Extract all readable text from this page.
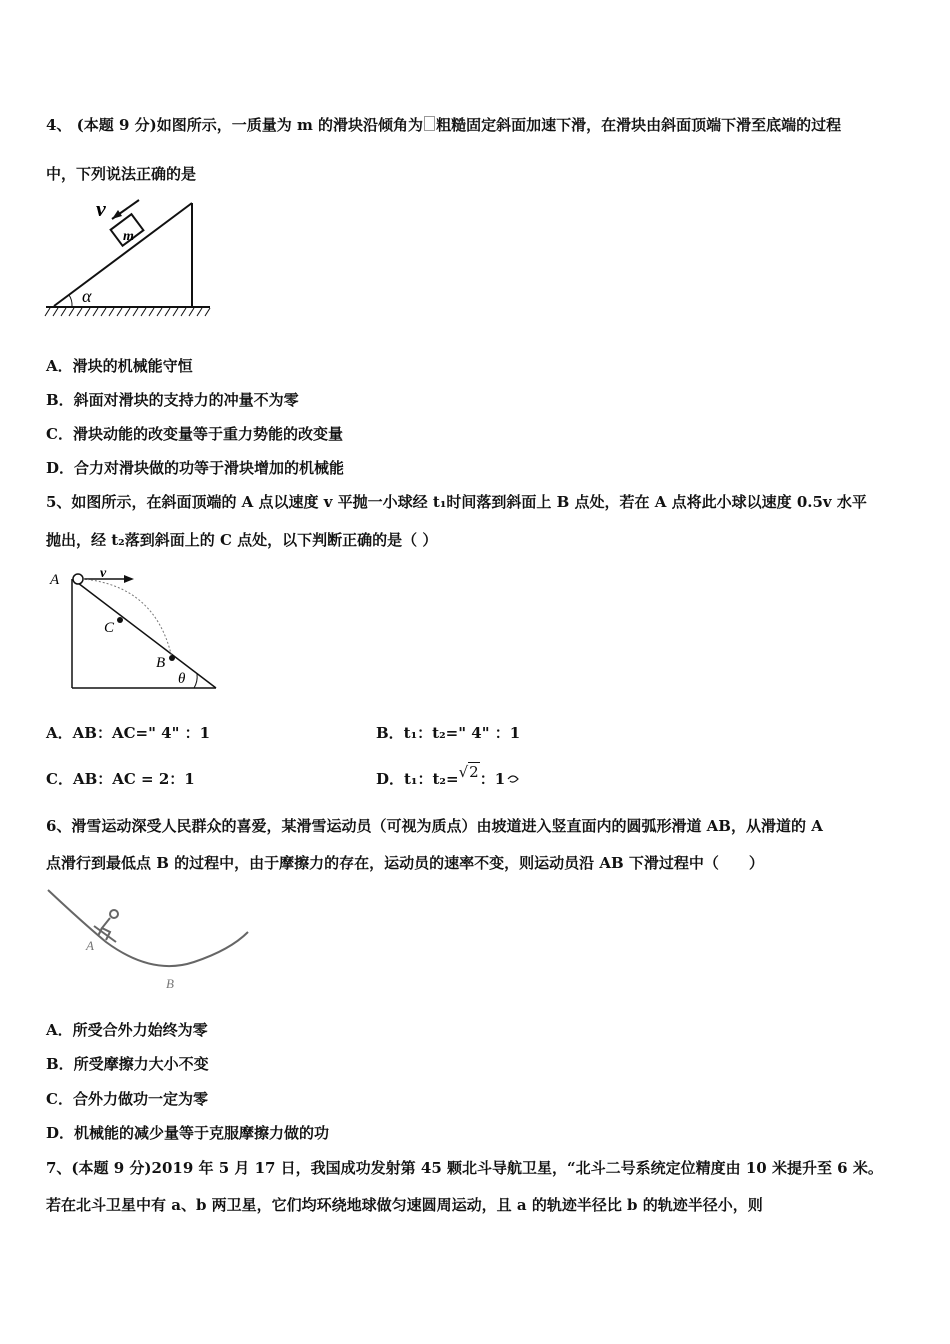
4、 (本题 9 分)如图所示，一质量为 m 的滑块沿倾角为 粗糙固定斜面加速下滑，在滑块由斜面顶端下滑至底端的过程
中，下列说法正确的是
α
m
v
A．滑块的机械能守恒
B．斜面对滑块的支持力的冲量不为零
C．滑块动能的改变量等于重力势能的改变量
D．合力对滑块做的功等于滑块增加的机械能
5、如图所示，在斜面顶端的 A 点以速度 v 平抛一小球经 t₁时间落到斜面上 B 点处，若在 A 点将此小球以速度 0.5v 水平
抛出，经 t₂落到斜面上的 C 点处，以下判断正确的是（ ）
A	v
C
B
θ
A．AB：AC=" 4" ：1	B．t₁：t₂=" 4" ：1
C．AB：AC = 2：1	D．t₁：t₂=√2：1
6、滑雪运动深受人民群众的喜爱，某滑雪运动员（可视为质点）由坡道进入竖直面内的圆弧形滑道 AB，从滑道的 A
点滑行到最低点 B 的过程中，由于摩擦力的存在，运动员的速率不变，则运动员沿 AB 下滑过程中（　　）
A
B
A．所受合外力始终为零
B．所受摩擦力大小不变
C．合外力做功一定为零
D．机械能的减少量等于克服摩擦力做的功
7、(本题 9 分)2019 年 5 月 17 日，我国成功发射第 45 颗北斗导航卫星，“北斗二号系统定位精度由 10 米提升至 6 米。
若在北斗卫星中有 a、b 两卫星，它们均环绕地球做匀速圆周运动，且 a 的轨迹半径比 b 的轨迹半径小，则
